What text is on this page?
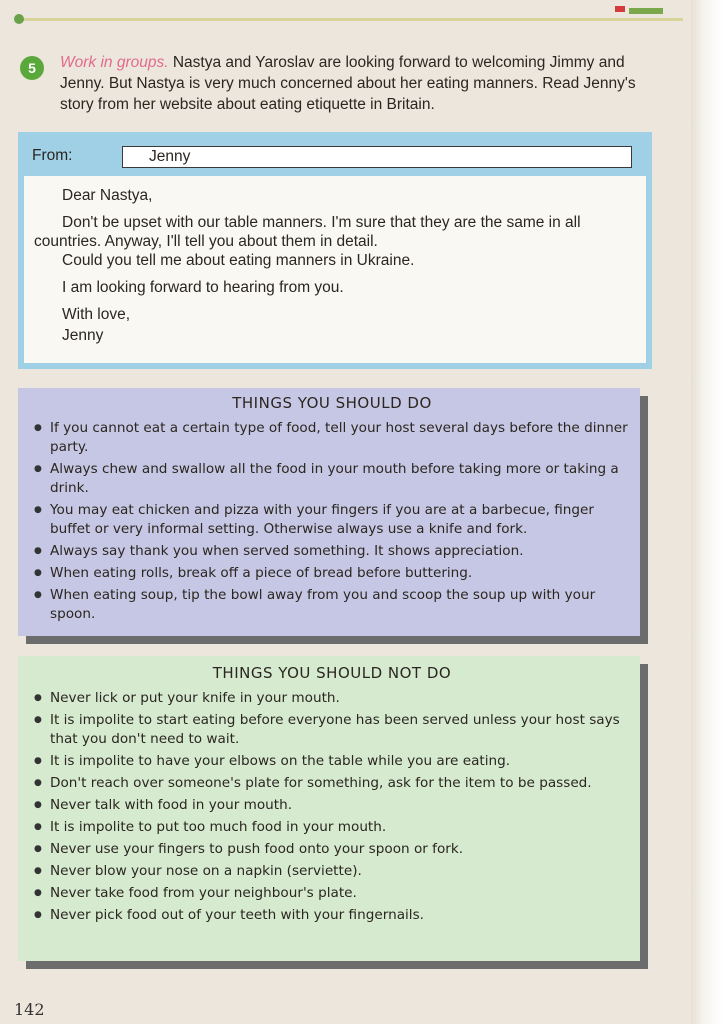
5	Work in groups. Nastya and Yaroslav are looking forward to welcoming Jimmy and Jenny. But Nastya is very much concerned about her eating manners. Read Jenny's story from her website about eating etiquette in Britain.
From:	Jenny

Dear Nastya,

Don't be upset with our table manners. I'm sure that they are the same in all countries. Anyway, I'll tell you about them in detail.

Could you tell me about eating manners in Ukraine.

I am looking forward to hearing from you.

With love,

Jenny

THINGS YOU SHOULD DO

● If you cannot eat a certain type of food, tell your host several days before the dinner party.
● Always chew and swallow all the food in your mouth before taking more or taking a drink.
● You may eat chicken and pizza with your fingers if you are at a barbecue, finger buffet or very informal setting. Otherwise always use a knife and fork.
● Always say thank you when served something. It shows appreciation.
● When eating rolls, break off a piece of bread before buttering.
● When eating soup, tip the bowl away from you and scoop the soup up with your spoon.

THINGS YOU SHOULD NOT DO

● Never lick or put your knife in your mouth.
● It is impolite to start eating before everyone has been served unless your host says that you don't need to wait.
● It is impolite to have your elbows on the table while you are eating.
● Don't reach over someone's plate for something, ask for the item to be passed.
● Never talk with food in your mouth.
● It is impolite to put too much food in your mouth.
● Never use your fingers to push food onto your spoon or fork.
● Never blow your nose on a napkin (serviette).
● Never take food from your neighbour's plate.
● Never pick food out of your teeth with your fingernails.
142
